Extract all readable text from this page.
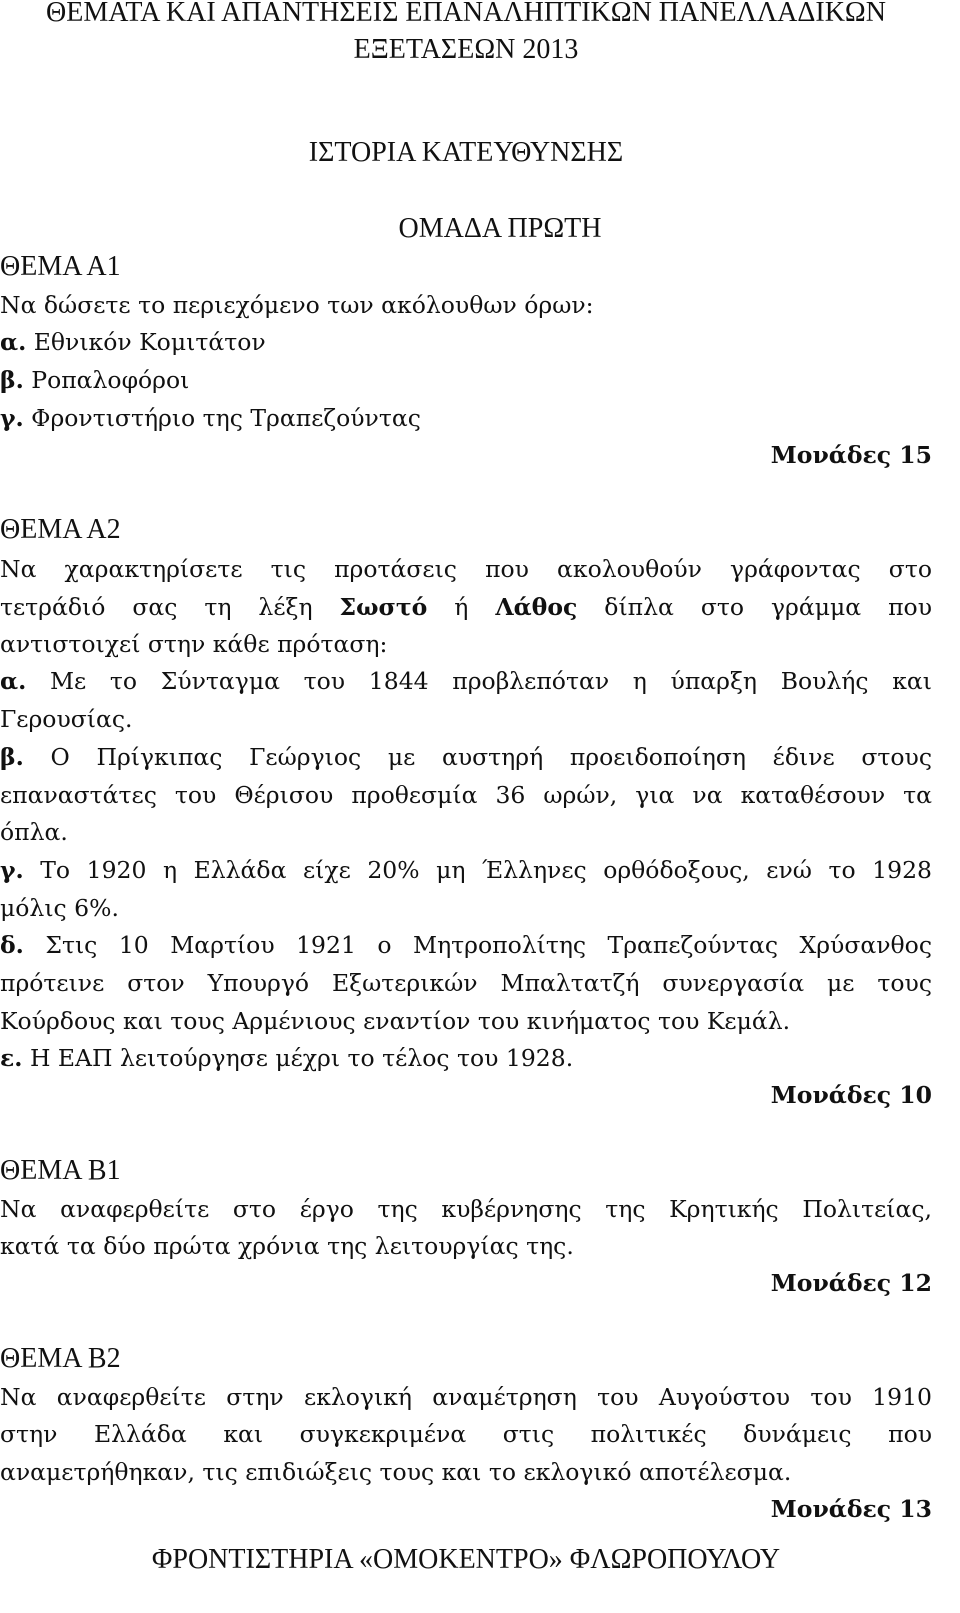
ΘΕΜΑΤΑ ΚΑΙ ΑΠΑΝΤΗΣΕΙΣ ΕΠΑΝΑΛΗΠΤΙΚΩΝ ΠΑΝΕΛΛΑΔΙΚΩΝ
ΕΞΕΤΑΣΕΩΝ 2013
ΙΣΤΟΡΙΑ ΚΑΤΕΥΘΥΝΣΗΣ
ΟΜΑΔΑ ΠΡΩΤΗ
ΘΕΜΑ Α1
Να δώσετε το περιεχόμενο των ακόλουθων όρων:
α. Εθνικόν Κομιτάτον
β. Ροπαλοφόροι
γ. Φροντιστήριο της Τραπεζούντας
Μονάδες 15
ΘΕΜΑ Α2
Να χαρακτηρίσετε τις προτάσεις που ακολουθούν γράφοντας στο
τετράδιό σας τη λέξη Σωστό ή Λάθος δίπλα στο γράμμα που
αντιστοιχεί στην κάθε πρόταση:
α. Με το Σύνταγμα του 1844 προβλεπόταν η ύπαρξη Βουλής και
Γερουσίας.
β. Ο Πρίγκιπας Γεώργιος με αυστηρή προειδοποίηση έδινε στους
επαναστάτες του Θέρισου προθεσμία 36 ωρών, για να καταθέσουν τα
όπλα.
γ. Το 1920 η Ελλάδα είχε 20% μη Έλληνες ορθόδοξους, ενώ το 1928
μόλις 6%.
δ. Στις 10 Μαρτίου 1921 ο Μητροπολίτης Τραπεζούντας Χρύσανθος
πρότεινε στον Υπουργό Εξωτερικών Μπαλτατζή συνεργασία με τους
Κούρδους και τους Αρμένιους εναντίον του κινήματος του Κεμάλ.
ε. Η ΕΑΠ λειτούργησε μέχρι το τέλος του 1928.
Μονάδες 10
ΘΕΜΑ Β1
Να αναφερθείτε στο έργο της κυβέρνησης της Κρητικής Πολιτείας,
κατά τα δύο πρώτα χρόνια της λειτουργίας της.
Μονάδες 12
ΘΕΜΑ Β2
Να αναφερθείτε στην εκλογική αναμέτρηση του Αυγούστου του 1910
στην Ελλάδα και συγκεκριμένα στις πολιτικές δυνάμεις που
αναμετρήθηκαν, τις επιδιώξεις τους και το εκλογικό αποτέλεσμα.
Μονάδες 13
ΦΡΟΝΤΙΣΤΗΡΙΑ «ΟΜΟΚΕΝΤΡΟ» ΦΛΩΡΟΠΟΥΛΟΥ
